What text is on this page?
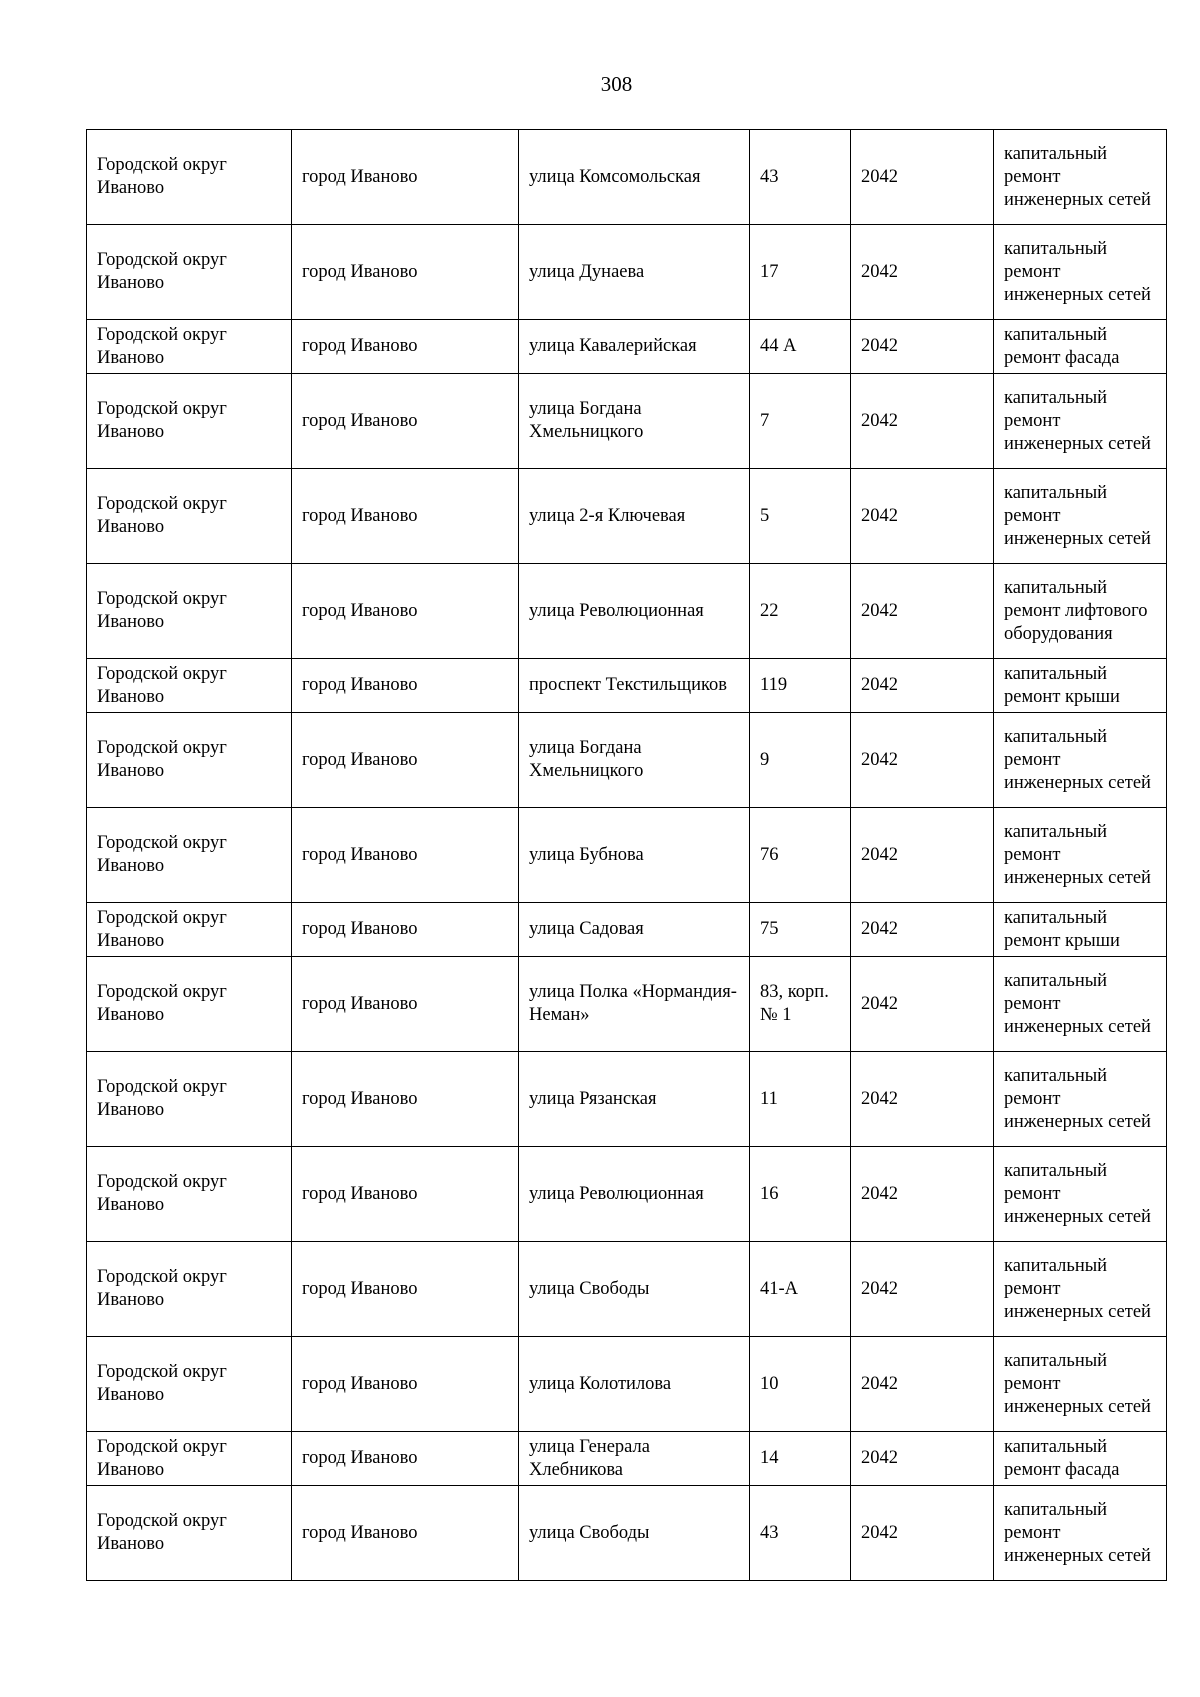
308
Городской округ Иваново	город Иваново	улица Комсомольская	43	2042	капитальный ремонт инженерных сетей
Городской округ Иваново	город Иваново	улица Дунаева	17	2042	капитальный ремонт инженерных сетей
Городской округ Иваново	город Иваново	улица Кавалерийская	44 А	2042	капитальный ремонт фасада
Городской округ Иваново	город Иваново	улица Богдана Хмельницкого	7	2042	капитальный ремонт инженерных сетей
Городской округ Иваново	город Иваново	улица 2-я Ключевая	5	2042	капитальный ремонт инженерных сетей
Городской округ Иваново	город Иваново	улица Революционная	22	2042	капитальный ремонт лифтового оборудования
Городской округ Иваново	город Иваново	проспект Текстильщиков	119	2042	капитальный ремонт крыши
Городской округ Иваново	город Иваново	улица Богдана Хмельницкого	9	2042	капитальный ремонт инженерных сетей
Городской округ Иваново	город Иваново	улица Бубнова	76	2042	капитальный ремонт инженерных сетей
Городской округ Иваново	город Иваново	улица Садовая	75	2042	капитальный ремонт крыши
Городской округ Иваново	город Иваново	улица Полка «Нормандия-Неман»	83, корп. № 1	2042	капитальный ремонт инженерных сетей
Городской округ Иваново	город Иваново	улица Рязанская	11	2042	капитальный ремонт инженерных сетей
Городской округ Иваново	город Иваново	улица Революционная	16	2042	капитальный ремонт инженерных сетей
Городской округ Иваново	город Иваново	улица Свободы	41-А	2042	капитальный ремонт инженерных сетей
Городской округ Иваново	город Иваново	улица Колотилова	10	2042	капитальный ремонт инженерных сетей
Городской округ Иваново	город Иваново	улица Генерала Хлебникова	14	2042	капитальный ремонт фасада
Городской округ Иваново	город Иваново	улица Свободы	43	2042	капитальный ремонт инженерных сетей
